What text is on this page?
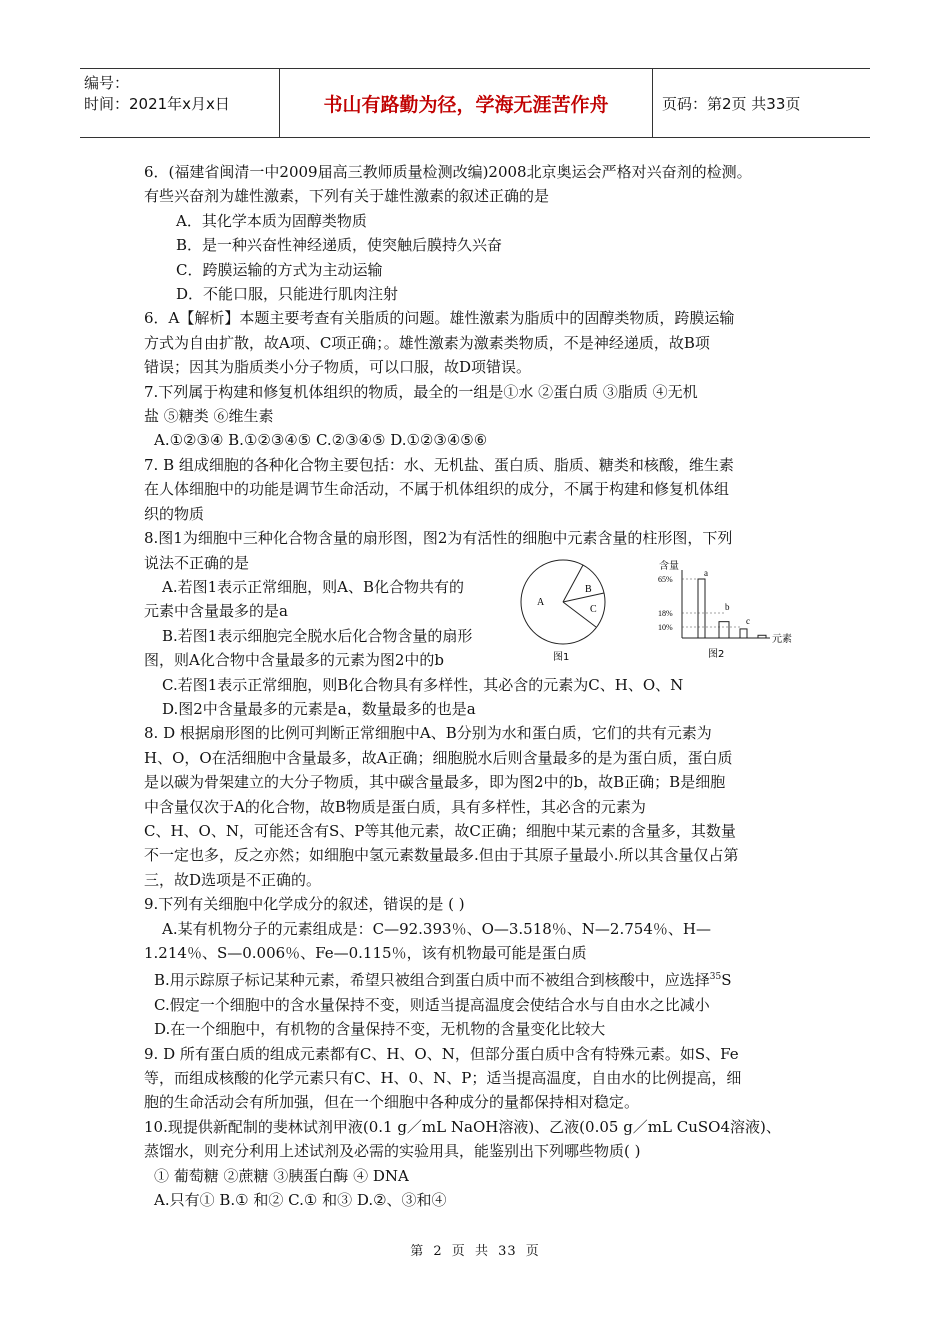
编号：
时间：2021年x月x日	书山有路勤为径，学海无涯苦作舟	页码：第2页 共33页

6．(福建省闽清一中2009届高三教师质量检测改编)2008北京奥运会严格对兴奋剂的检测。

有些兴奋剂为雄性激素，下列有关于雄性激素的叙述正确的是

A．其化学本质为固醇类物质

B．是一种兴奋性神经递质，使突触后膜持久兴奋

C．跨膜运输的方式为主动运输

D．不能口服，只能进行肌肉注射

6．A【解析】本题主要考查有关脂质的问题。雄性激素为脂质中的固醇类物质，跨膜运输

方式为自由扩散，故A项、C项正确；。雄性激素为激素类物质，不是神经递质，故B项

错误；因其为脂质类小分子物质，可以口服，故D项错误。

7.下列属于构建和修复机体组织的物质，最全的一组是①水 ②蛋白质 ③脂质 ④无机

盐 ⑤糖类 ⑥维生素

A.①②③④ B.①②③④⑤ C.②③④⑤ D.①②③④⑤⑥

7. B 组成细胞的各种化合物主要包括：水、无机盐、蛋白质、脂质、糖类和核酸，维生素

在人体细胞中的功能是调节生命活动，不属于机体组织的成分，不属于构建和修复机体组

织的物质

8.图1为细胞中三种化合物含量的扇形图，图2为有活性的细胞中元素含量的柱形图，下列

说法不正确的是

A.若图1表示正常细胞，则A、B化合物共有的

元素中含量最多的是a

B.若图1表示细胞完全脱水后化合物含量的扇形

图，则A化合物中含量最多的元素为图2中的b

C.若图1表示正常细胞，则B化合物具有多样性，其必含的元素为C、H、O、N

D.图2中含量最多的元素是a，数量最多的也是a

8. D 根据扇形图的比例可判断正常细胞中A、B分别为水和蛋白质，它们的共有元素为

H、O，O在活细胞中含量最多，故A正确；细胞脱水后则含量最多的是为蛋白质，蛋白质

是以碳为骨架建立的大分子物质，其中碳含量最多，即为图2中的b，故B正确；B是细胞

中含量仅次于A的化合物，故B物质是蛋白质，具有多样性，其必含的元素为

C、H、O、N，可能还含有S、P等其他元素，故C正确；细胞中某元素的含量多，其数量

不一定也多，反之亦然；如细胞中氢元素数量最多.但由于其原子量最小.所以其含量仅占第

三，故D选项是不正确的。

9.下列有关细胞中化学成分的叙述，错误的是 ( )

A.某有机物分子的元素组成是：C—92.393％、O—3.518％、N—2.754％、H—

1.214％、S—0.006％、Fe—0.115％，该有机物最可能是蛋白质

B.用示踪原子标记某种元素，希望只被组合到蛋白质中而不被组合到核酸中，应选择$^{35}$S

C.假定一个细胞中的含水量保持不变，则适当提高温度会使结合水与自由水之比减小

D.在一个细胞中，有机物的含量保持不变，无机物的含量变化比较大

9. D 所有蛋白质的组成元素都有C、H、O、N，但部分蛋白质中含有特殊元素。如S、Fe

等，而组成核酸的化学元素只有C、H、0、N、P；适当提高温度，自由水的比例提高，细

胞的生命活动会有所加强，但在一个细胞中各种成分的量都保持相对稳定。

10.现提供新配制的斐林试剂甲液(0.1 g／mL NaOH溶液)、乙液(0.05 g／mL CuSO4溶液)、

蒸馏水，则充分利用上述试剂及必需的实验用具，能鉴别出下列哪些物质( )

① 葡萄糖 ②蔗糖 ③胰蛋白酶 ④ DNA

A.只有① B.① 和② C.① 和③ D.②、③和④

A
B
C
图1
含量
65%
18%
10%
a
b
c
元素
图2
第 2 页 共 33 页
